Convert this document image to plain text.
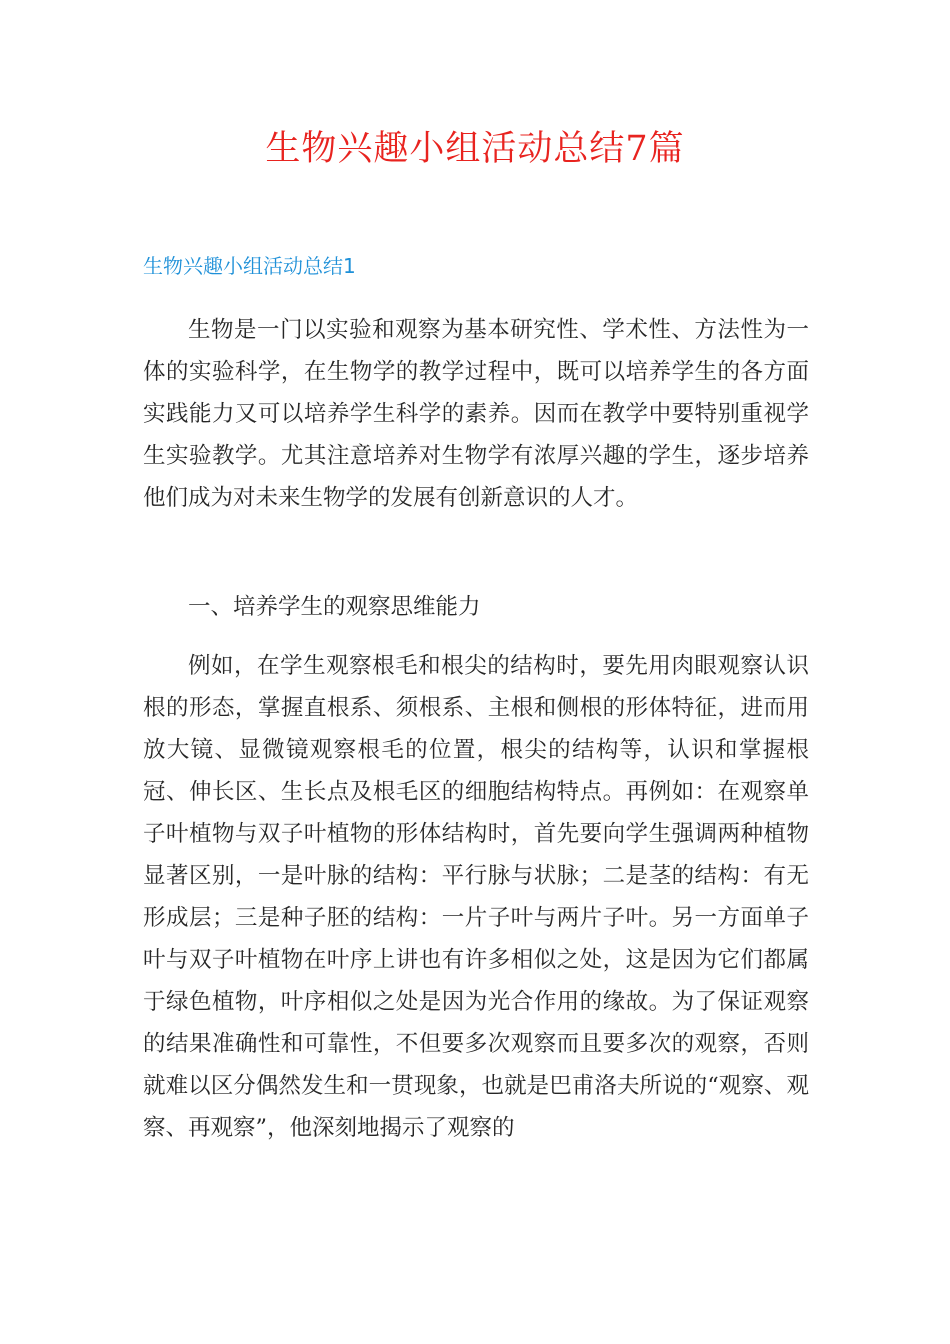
生物兴趣小组活动总结7篇
生物兴趣小组活动总结1

生物是一门以实验和观察为基本研究性、学术性、方法性为一体的实验科学，在生物学的教学过程中，既可以培养学生的各方面实践能力又可以培养学生科学的素养。因而在教学中要特别重视学生实验教学。尤其注意培养对生物学有浓厚兴趣的学生，逐步培养他们成为对未来生物学的发展有创新意识的人才。

一、培养学生的观察思维能力

例如，在学生观察根毛和根尖的结构时，要先用肉眼观察认识根的形态，掌握直根系、须根系、主根和侧根的形体特征，进而用放大镜、显微镜观察根毛的位置，根尖的结构等，认识和掌握根冠、伸长区、生长点及根毛区的细胞结构特点。再例如：在观察单子叶植物与双子叶植物的形体结构时，首先要向学生强调两种植物显著区别，一是叶脉的结构：平行脉与状脉；二是茎的结构：有无形成层；三是种子胚的结构：一片子叶与两片子叶。另一方面单子叶与双子叶植物在叶序上讲也有许多相似之处，这是因为它们都属于绿色植物，叶序相似之处是因为光合作用的缘故。为了保证观察的结果准确性和可靠性，不但要多次观察而且要多次的观察，否则就难以区分偶然发生和一贯现象，也就是巴甫洛夫所说的“观察、观察、再观察”，他深刻地揭示了观察的
